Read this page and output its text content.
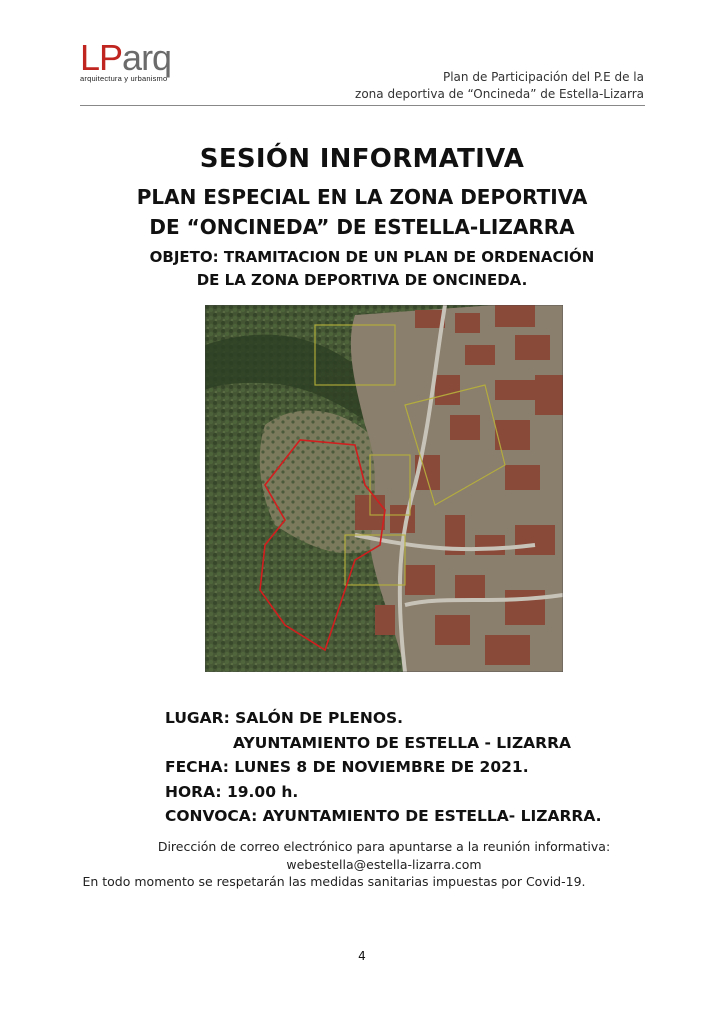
LParq
arquitectura y urbanismo	Plan de Participación del P.E de la
zona deportiva de “Oncineda” de Estella-Lizarra
SESIÓN INFORMATIVA
PLAN ESPECIAL EN LA ZONA DEPORTIVA
DE “ONCINEDA” DE ESTELLA-LIZARRA
OBJETO: TRAMITACION DE UN PLAN DE ORDENACIÓN
DE LA ZONA DEPORTIVA DE ONCINEDA.
LUGAR: SALÓN DE PLENOS.
AYUNTAMIENTO DE ESTELLA - LIZARRA
FECHA: LUNES 8 DE NOVIEMBRE DE 2021.
HORA: 19.00 h.
CONVOCA: AYUNTAMIENTO DE ESTELLA- LIZARRA.
Dirección de correo electrónico para apuntarse a la reunión informativa:
webestella@estella-lizarra.com
En todo momento se respetarán las medidas sanitarias impuestas por Covid-19.
4
